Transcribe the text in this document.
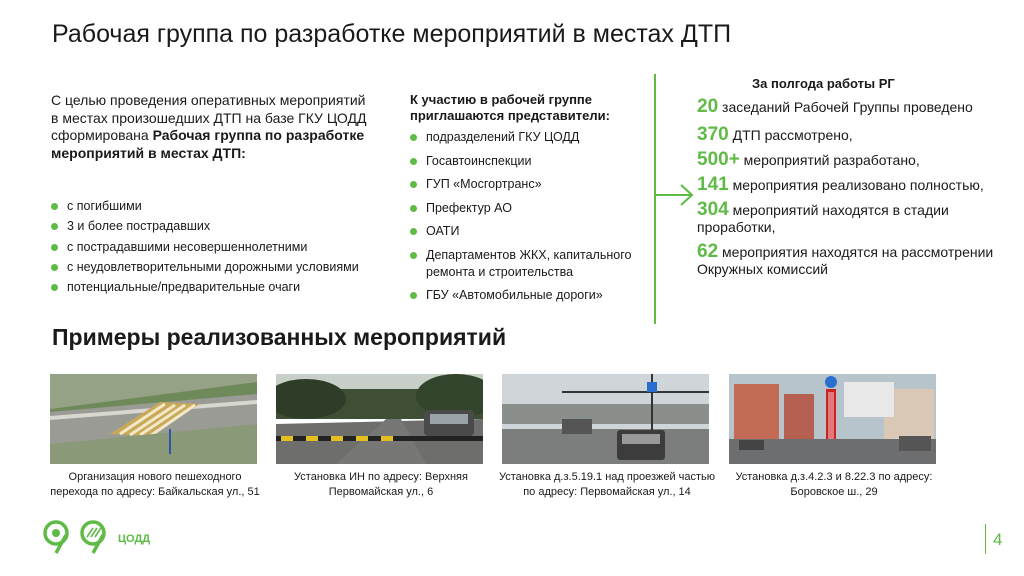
Рабочая группа по разработке мероприятий в местах ДТП

С целью проведения оперативных мероприятий в местах произошедших ДТП на базе ГКУ ЦОДД сформирована Рабочая группа по разработке мероприятий в местах ДТП:

с погибшими
3 и более пострадавших
с пострадавшими несовершеннолетними
с неудовлетворительными дорожными условиями
потенциальные/предварительные очаги
К участию в рабочей группе приглашаются представители:
подразделений ГКУ ЦОДД
Госавтоинспекции
ГУП «Мосгортранс»
Префектур АО
ОАТИ
Департаментов ЖКХ, капитального ремонта и строительства
ГБУ «Автомобильные дороги»
За полгода работы РГ
20 заседаний Рабочей Группы проведено
370 ДТП рассмотрено,
500+ мероприятий разработано,
141 мероприятия реализовано полностью,
304 мероприятий находятся в стадии проработки,
62 мероприятия находятся на рассмотрении Окружных комиссий
Примеры реализованных мероприятий
Организация нового пешеходного перехода по адресу: Байкальская ул., 51
Установка ИН по адресу: Верхняя Первомайская ул., 6
Установка д.з.5.19.1 над проезжей частью по адресу: Первомайская ул., 14
Установка д.з.4.2.3 и 8.22.3 по адресу: Боровское ш., 29
ЦОДД	4
